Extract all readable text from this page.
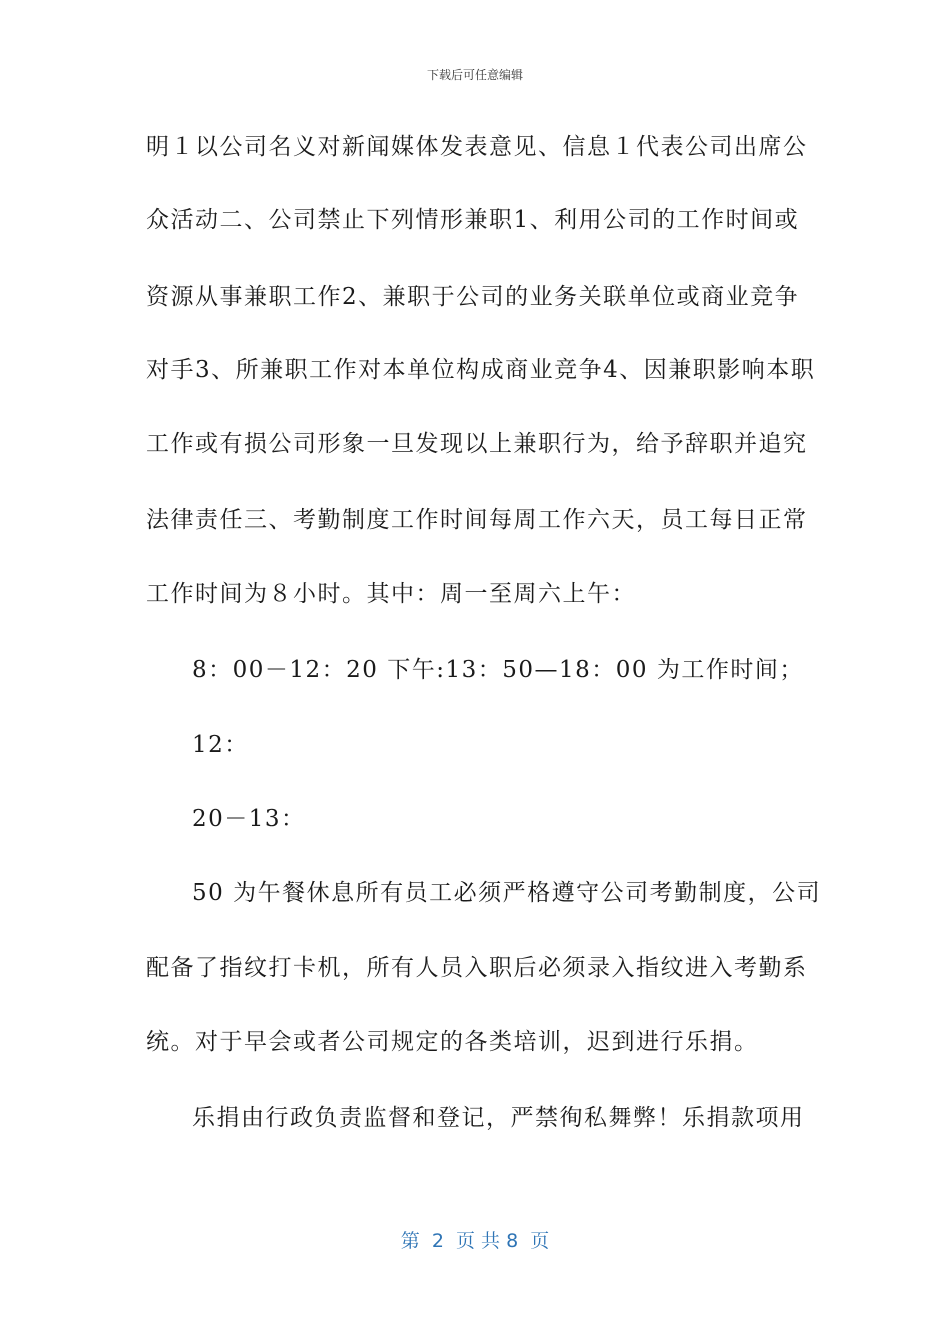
下载后可任意编辑
明１以公司名义对新闻媒体发表意见、信息１代表公司出席公
众活动二、公司禁止下列情形兼职1、利用公司的工作时间或
资源从事兼职工作2、兼职于公司的业务关联单位或商业竞争
对手3、所兼职工作对本单位构成商业竞争4、因兼职影响本职
工作或有损公司形象一旦发现以上兼职行为，给予辞职并追究
法律责任三、考勤制度工作时间每周工作六天，员工每日正常
工作时间为８小时。其中：周一至周六上午：
8：00－12：20 下午:13：50—18：00 为工作时间；
12：
20－13：
50 为午餐休息所有员工必须严格遵守公司考勤制度，公司
配备了指纹打卡机，所有人员入职后必须录入指纹进入考勤系
统。对于早会或者公司规定的各类培训，迟到进行乐捐。
乐捐由行政负责监督和登记，严禁徇私舞弊！乐捐款项用
第  2  页 共 8  页
